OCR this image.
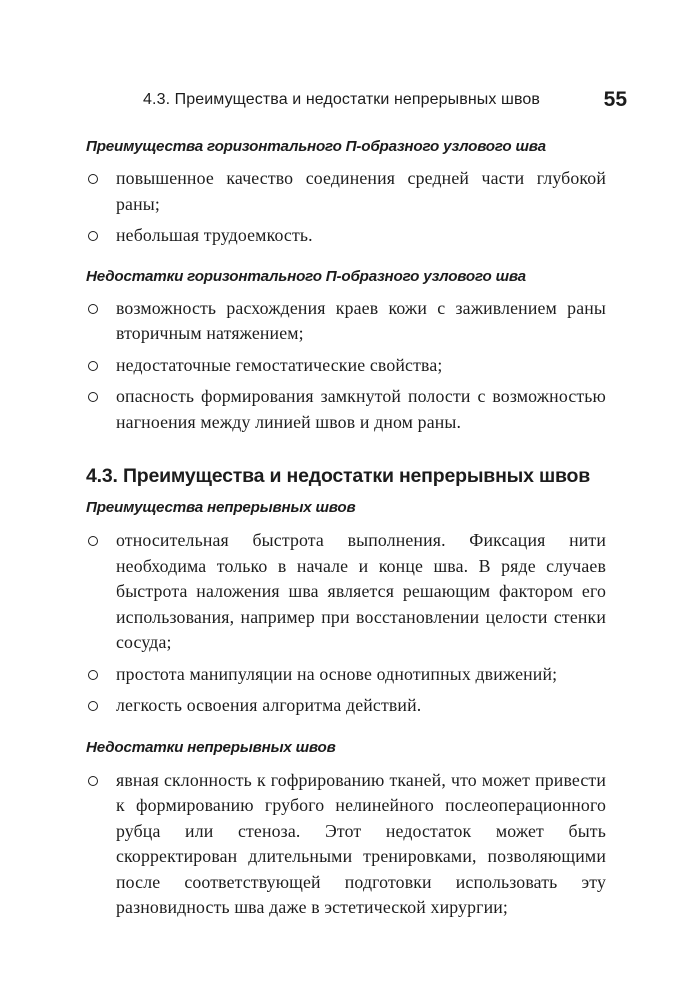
4.3. Преимущества и недостатки непрерывных швов	55

Преимущества горизонтального П-образного узлового шва

повышенное качество соединения средней части глубокой раны;
небольшая трудоемкость.

Недостатки горизонтального П-образного узлового шва

возможность расхождения краев кожи с заживлением раны вторичным натяжением;
недостаточные гемостатические свойства;
опасность формирования замкнутой полости с возможностью нагноения между линией швов и дном раны.
4.3. Преимущества и недостатки непрерывных швов

Преимущества непрерывных швов

относительная быстрота выполнения. Фиксация нити необходима только в начале и конце шва. В ряде случаев быстрота наложения шва является решающим фактором его использования, например при восстановлении целости стенки сосуда;
простота манипуляции на основе однотипных движений;
легкость освоения алгоритма действий.

Недостатки непрерывных швов

явная склонность к гофрированию тканей, что может привести к формированию грубого нелинейного послеоперационного рубца или стеноза. Этот недостаток может быть скорректирован длительными тренировками, позволяющими после соответствующей подготовки использовать эту разновидность шва даже в эстетической хирургии;
